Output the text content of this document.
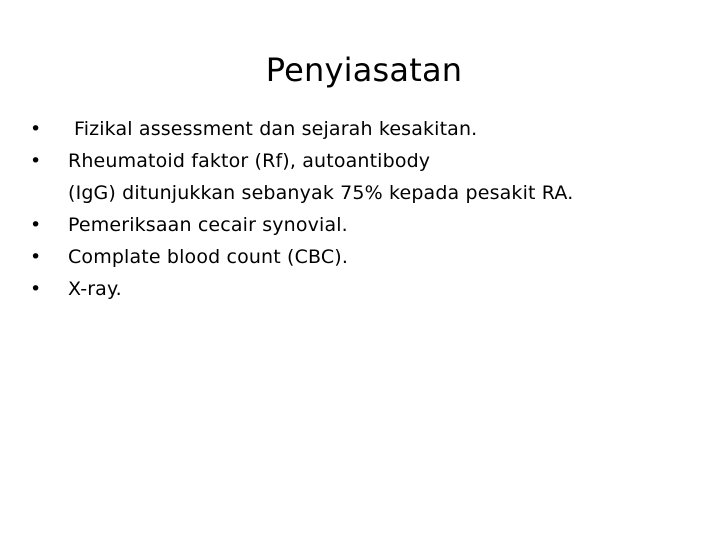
Penyiasatan
•	Fizikal assessment dan sejarah kesakitan.
•	Rheumatoid faktor (Rf), autoantibody
(IgG) ditunjukkan sebanyak 75% kepada pesakit RA.
•	Pemeriksaan cecair synovial.
•	Complate blood count (CBC).
•	X-ray.
